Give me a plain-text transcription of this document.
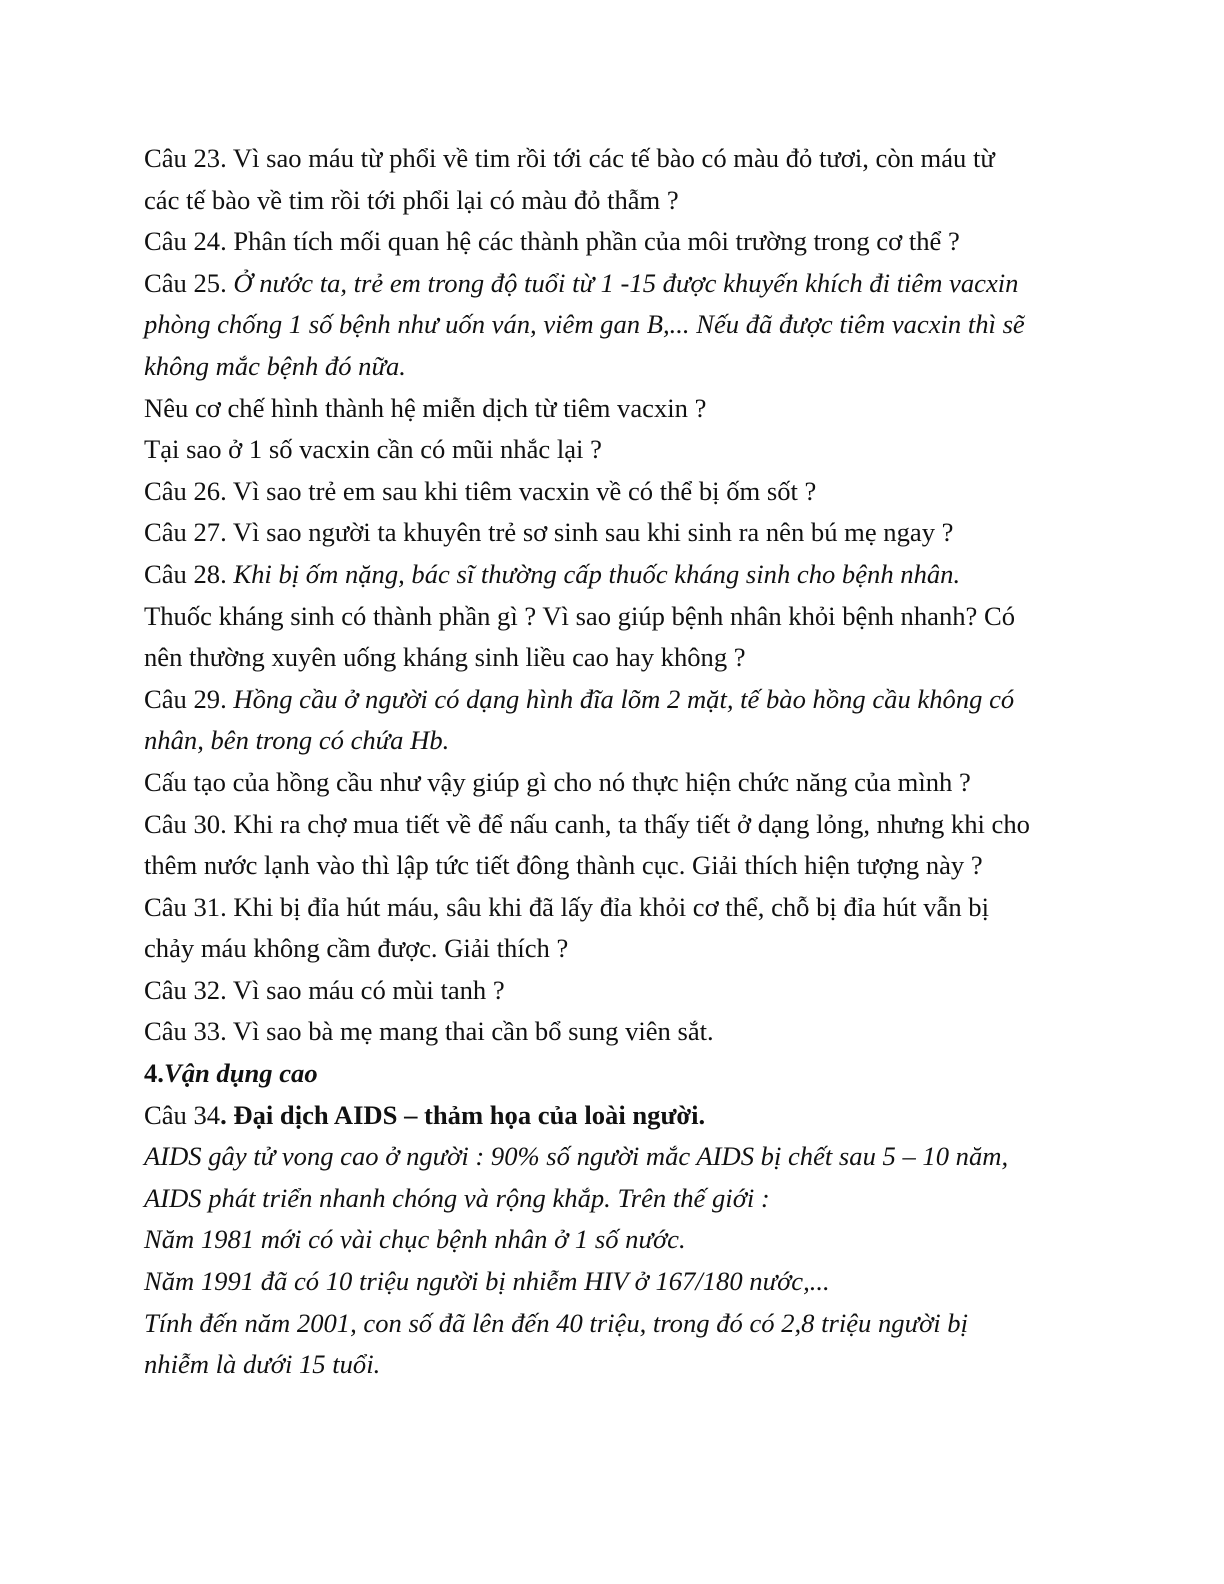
Câu 23. Vì sao máu từ phổi về tim rồi tới các tế bào có màu đỏ tươi, còn máu từ
các tế bào về tim rồi tới phổi lại có màu đỏ thẫm ?
Câu 24. Phân tích mối quan hệ các thành phần của môi trường trong cơ thể ?
Câu 25. Ở nước ta, trẻ em trong độ tuổi từ 1 -15 được khuyến khích đi tiêm vacxin
phòng chống 1 số bệnh như uốn ván, viêm gan B,... Nếu đã được tiêm vacxin thì sẽ
không mắc bệnh đó nữa.
Nêu cơ chế hình thành hệ miễn dịch từ tiêm vacxin ?
Tại sao ở 1 số vacxin cần có mũi nhắc lại ?
Câu 26. Vì sao trẻ em sau khi tiêm vacxin về có thể bị ốm sốt ?
Câu 27. Vì sao người ta khuyên trẻ sơ sinh sau khi sinh ra nên bú mẹ ngay ?
Câu 28. Khi bị ốm nặng, bác sĩ thường cấp thuốc kháng sinh cho bệnh nhân.
Thuốc kháng sinh có thành phần gì ? Vì sao giúp bệnh nhân khỏi bệnh nhanh? Có
nên thường xuyên uống kháng sinh liều cao hay không ?
Câu 29. Hồng cầu ở người có dạng hình đĩa lõm 2 mặt, tế bào hồng cầu không có
nhân, bên trong có chứa Hb.
Cấu tạo của hồng cầu như vậy giúp gì cho nó thực hiện chức năng của mình ?
Câu 30. Khi ra chợ mua tiết về để nấu canh, ta thấy tiết ở dạng lỏng, nhưng khi cho
thêm nước lạnh vào thì lập tức tiết đông thành cục. Giải thích hiện tượng này ?
Câu 31. Khi bị đỉa hút máu, sâu khi đã lấy đỉa khỏi cơ thể, chỗ bị đỉa hút vẫn bị
chảy máu không cầm được. Giải thích ?
Câu 32. Vì sao máu có mùi tanh ?
Câu 33. Vì sao bà mẹ mang thai cần bổ sung viên sắt.
4.Vận dụng cao
Câu 34. Đại dịch AIDS – thảm họa của loài người.
AIDS gây tử vong cao ở người : 90% số người mắc AIDS bị chết sau 5 – 10 năm,
AIDS phát triển nhanh chóng và rộng khắp. Trên thế giới :
Năm 1981 mới có vài chục bệnh nhân ở 1 số nước.
Năm 1991 đã có 10 triệu người bị nhiễm HIV ở 167/180 nước,...
Tính đến năm 2001, con số đã lên đến 40 triệu, trong đó có 2,8 triệu người bị
nhiễm là dưới 15 tuổi.
